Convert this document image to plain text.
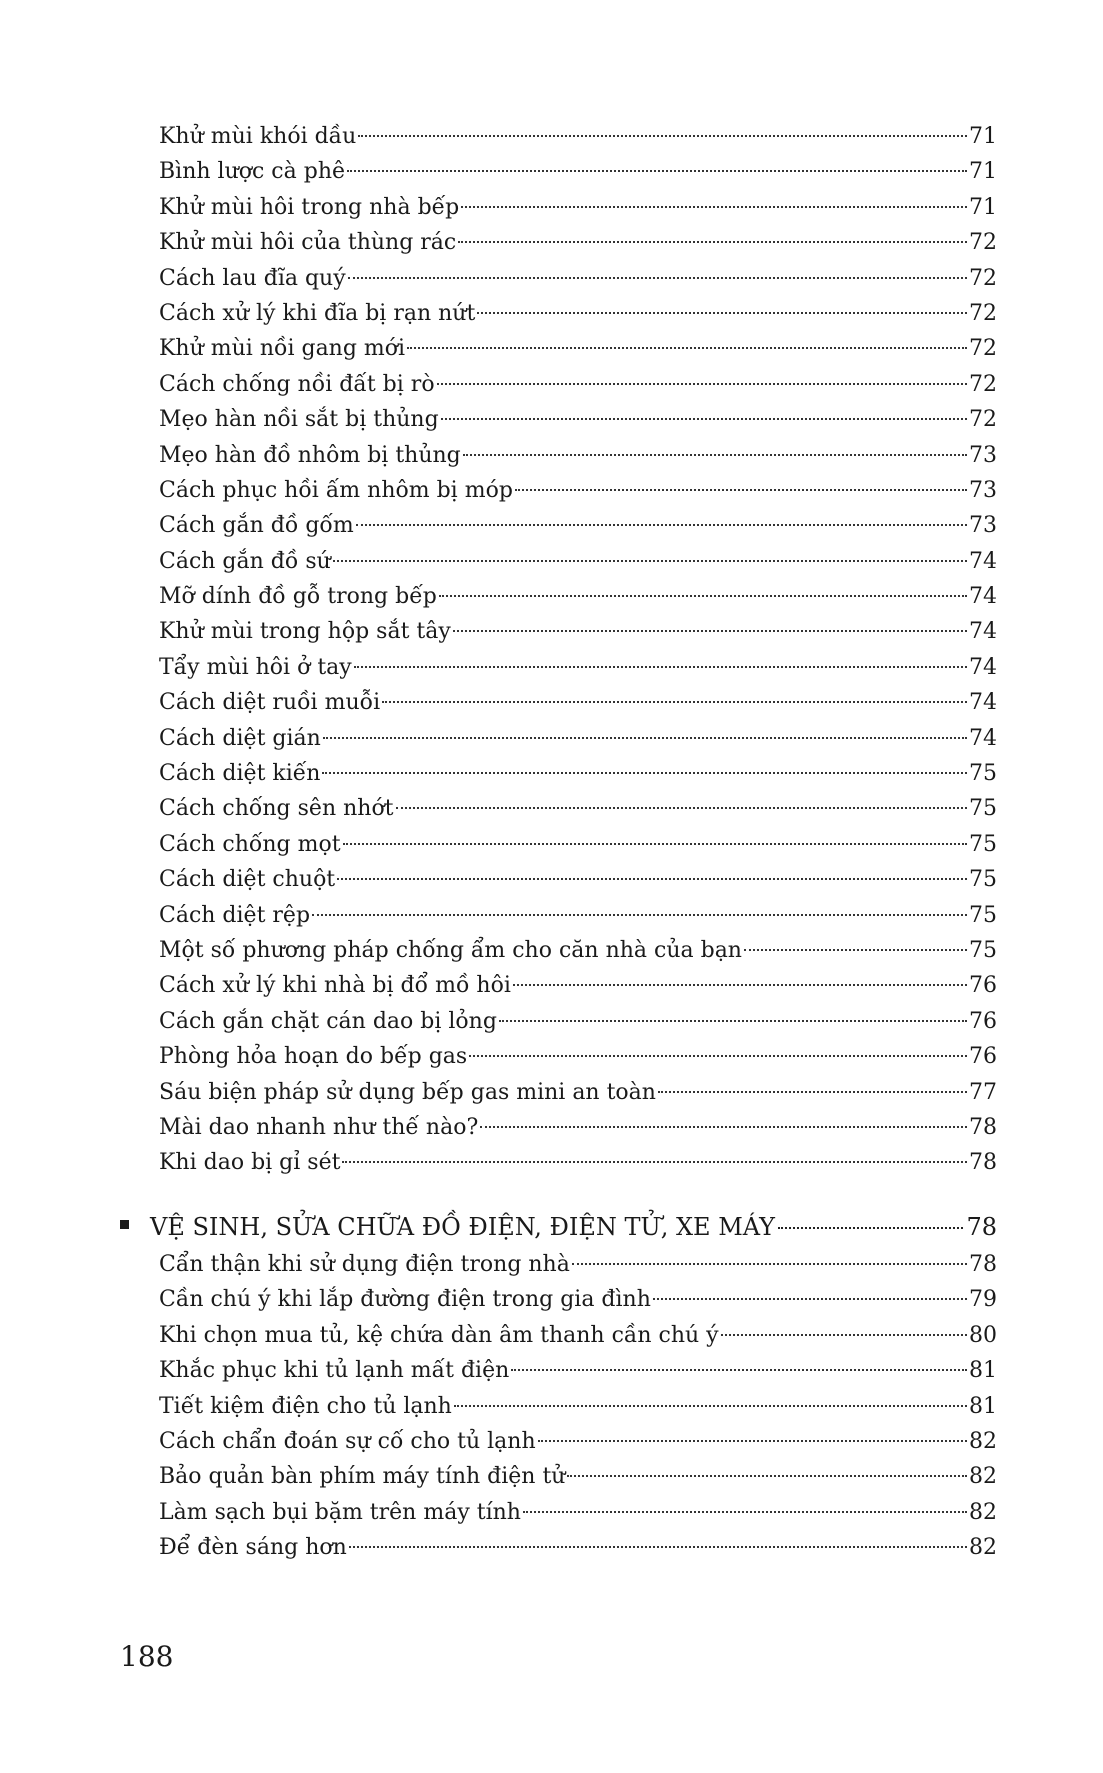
Khử mùi khói dầu	71
Bình lược cà phê	71
Khử mùi hôi trong nhà bếp	71
Khử mùi hôi của thùng rác	72
Cách lau đĩa quý	72
Cách xử lý khi đĩa bị rạn nứt	72
Khử mùi nồi gang mới	72
Cách chống nồi đất bị rò	72
Mẹo hàn nồi sắt bị thủng	72
Mẹo hàn đồ nhôm bị thủng	73
Cách phục hồi ấm nhôm bị móp	73
Cách gắn đồ gốm	73
Cách gắn đồ sứ	74
Mỡ dính đồ gỗ trong bếp	74
Khử mùi trong hộp sắt tây	74
Tẩy mùi hôi ở tay	74
Cách diệt ruồi muỗi	74
Cách diệt gián	74
Cách diệt kiến	75
Cách chống sên nhớt	75
Cách chống mọt	75
Cách diệt chuột	75
Cách diệt rệp	75
Một số phương pháp chống ẩm cho căn nhà của bạn	75
Cách xử lý khi nhà bị đổ mồ hôi	76
Cách gắn chặt cán dao bị lỏng	76
Phòng hỏa hoạn do bếp gas	76
Sáu biện pháp sử dụng bếp gas mini an toàn	77
Mài dao nhanh như thế nào?	78
Khi dao bị gỉ sét	78
VỆ SINH, SỬA CHỮA ĐỒ ĐIỆN, ĐIỆN TỬ, XE MÁY	78
Cẩn thận khi sử dụng điện trong nhà	78
Cần chú ý khi lắp đường điện trong gia đình	79
Khi chọn mua tủ, kệ chứa dàn âm thanh cần chú ý	80
Khắc phục khi tủ lạnh mất điện	81
Tiết kiệm điện cho tủ lạnh	81
Cách chẩn đoán sự cố cho tủ lạnh	82
Bảo quản bàn phím máy tính điện tử	82
Làm sạch bụi bặm trên máy tính	82
Để đèn sáng hơn	82
188
